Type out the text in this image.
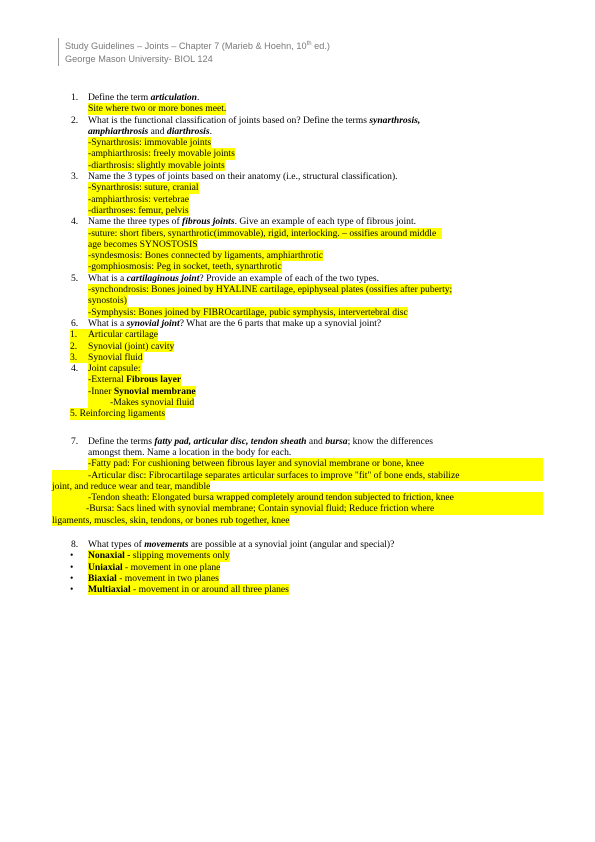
Study Guidelines – Joints – Chapter 7 (Marieb & Hoehn, 10th ed.)
George Mason University- BIOL 124
1. Define the term articulation.
Site where two or more bones meet.
2. What is the functional classification of joints based on? Define the terms synarthrosis,
amphiarthrosis and diarthrosis.
-Synarthrosis: immovable joints
-amphiarthrosis: freely movable joints
-diarthrosis: slightly movable joints
3. Name the 3 types of joints based on their anatomy (i.e., structural classification).
-Synarthrosis: suture, cranial
-amphiarthrosis: vertebrae
-diarthroses: femur, pelvis
4. Name the three types of fibrous joints. Give an example of each type of fibrous joint.
-suture: short fibers, synarthrotic(immovable), rigid, interlocking. – ossifies around middle
age becomes SYNOSTOSIS
-syndesmosis: Bones connected by ligaments, amphiarthrotic
-gomphiosmosis: Peg in socket, teeth, synarthrotic
5. What is a cartilaginous joint? Provide an example of each of the two types.
-synchondrosis: Bones joined by HYALINE cartilage, epiphyseal plates (ossifies after puberty;
synostois)
-Symphysis: Bones joined by FIBROcartilage, pubic symphysis, intervertebral disc
6. What is a synovial joint? What are the 6 parts that make up a synovial joint?
1. Articular cartilage
2. Synovial (joint) cavity
3. Synovial fluid
4. Joint capsule:
-External Fibrous layer
-Inner Synovial membrane
-Makes synovial fluid
5. Reinforcing ligaments
7. Define the terms fatty pad, articular disc, tendon sheath and bursa; know the differences
amongst them. Name a location in the body for each.
-Fatty pad: For cushioning between fibrous layer and synovial membrane or bone, knee
-Articular disc: Fibrocartilage separates articular surfaces to improve "fit" of bone ends, stabilize
joint, and reduce wear and tear, mandible
-Tendon sheath: Elongated bursa wrapped completely around tendon subjected to friction, knee
-Bursa: Sacs lined with synovial membrane; Contain synovial fluid; Reduce friction where
ligaments, muscles, skin, tendons, or bones rub together, knee
8. What types of movements are possible at a synovial joint (angular and special)?
• Nonaxial - slipping movements only
• Uniaxial - movement in one plane
• Biaxial - movement in two planes
• Multiaxial - movement in or around all three planes
